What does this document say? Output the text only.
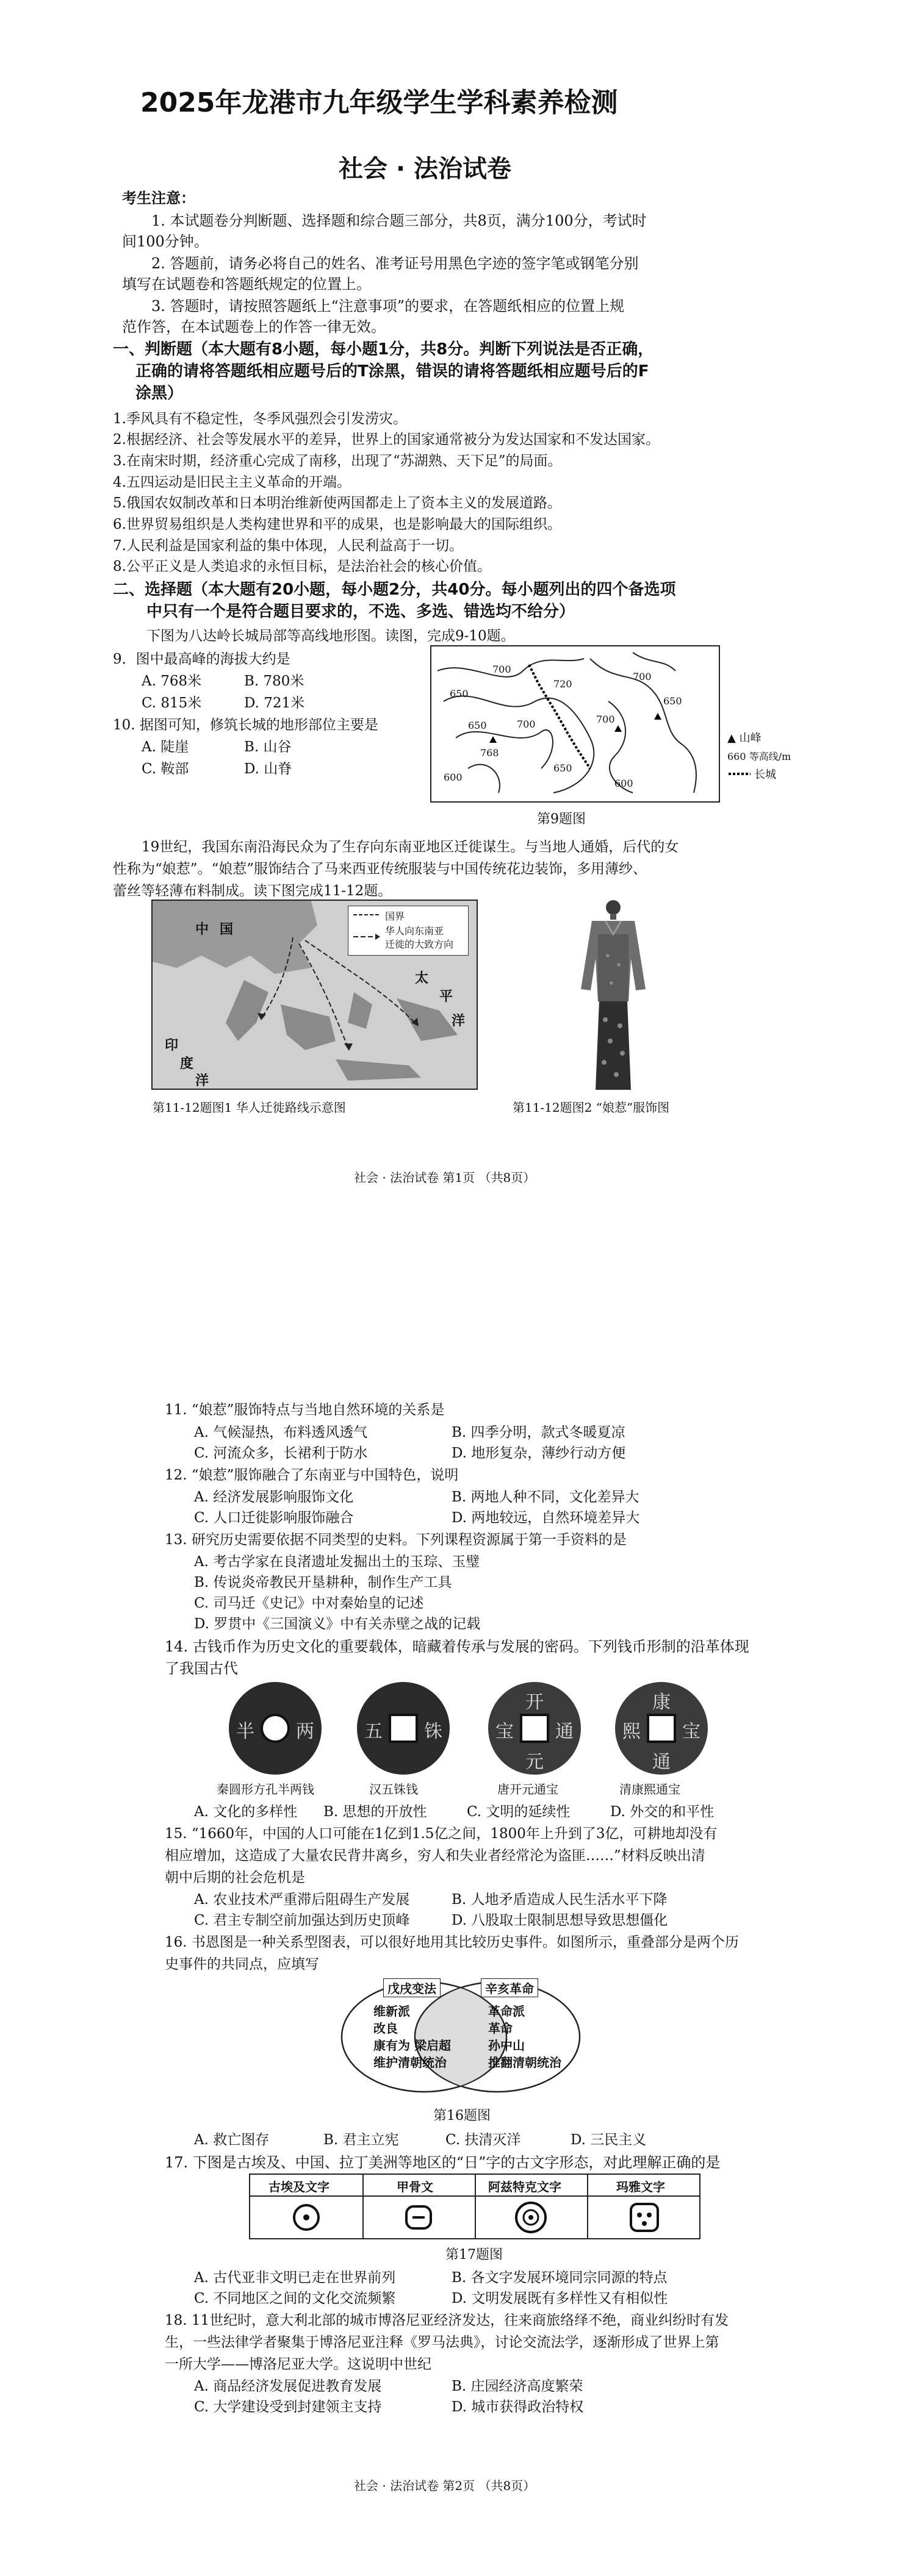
2025年龙港市九年级学生学科素养检测
社会 · 法治试卷
考生注意：
1. 本试题卷分判断题、选择题和综合题三部分，共8页，满分100分，考试时
间100分钟。
2. 答题前，请务必将自己的姓名、准考证号用黑色字迹的签字笔或钢笔分别
填写在试题卷和答题纸规定的位置上。
3. 答题时，请按照答题纸上“注意事项”的要求，在答题纸相应的位置上规
范作答，在本试题卷上的作答一律无效。
一、判断题（本大题有8小题，每小题1分，共8分。判断下列说法是否正确，
正确的请将答题纸相应题号后的T涂黑，错误的请将答题纸相应题号后的F
涂黑）
1.季风具有不稳定性，冬季风强烈会引发涝灾。
2.根据经济、社会等发展水平的差异，世界上的国家通常被分为发达国家和不发达国家。
3.在南宋时期，经济重心完成了南移，出现了“苏湖熟、天下足”的局面。
4.五四运动是旧民主主义革命的开端。
5.俄国农奴制改革和日本明治维新使两国都走上了资本主义的发展道路。
6.世界贸易组织是人类构建世界和平的成果，也是影响最大的国际组织。
7.人民利益是国家利益的集中体现，人民利益高于一切。
8.公平正义是人类追求的永恒目标，是法治社会的核心价值。
二、选择题（本大题有20小题，每小题2分，共40分。每小题列出的四个备选项
中只有一个是符合题目要求的，不选、多选、错选均不给分）
下图为八达岭长城局部等高线地形图。读图，完成9-10题。
9．图中最高峰的海拔大约是
A. 768米	B. 780米
C. 815米	D. 721米
10. 据图可知，修筑长城的地形部位主要是
A. 陡崖	B. 山谷
C. 鞍部	D. 山脊
700
650
720
700
650
700
650
600
600
700
650
768
▲ 山峰
660 等高线/m
长城
第9题图
19世纪，我国东南沿海民众为了生存向东南亚地区迁徙谋生。与当地人通婚，后代的女
性称为“娘惹”。“娘惹”服饰结合了马来西亚传统服装与中国传统花边装饰，多用薄纱、
蕾丝等轻薄布料制成。读下图完成11-12题。
国界
华人向东南亚
迁徙的大致方向
中 国
太
平
洋
印
度
洋
第11-12题图1 华人迁徙路线示意图	第11-12题图2 “娘惹”服饰图
社会 · 法治试卷 第1页 （共8页）
11. “娘惹”服饰特点与当地自然环境的关系是
A. 气候湿热，布料透风透气	B. 四季分明，款式冬暖夏凉
C. 河流众多，长裙利于防水	D. 地形复杂，薄纱行动方便
12. “娘惹”服饰融合了东南亚与中国特色，说明
A. 经济发展影响服饰文化	B. 两地人种不同，文化差异大
C. 人口迁徙影响服饰融合	D. 两地较远，自然环境差异大
13. 研究历史需要依据不同类型的史料。下列课程资源属于第一手资料的是
A. 考古学家在良渚遗址发掘出土的玉琮、玉璧
B. 传说炎帝教民开垦耕种，制作生产工具
C. 司马迁《史记》中对秦始皇的记述
D. 罗贯中《三国演义》中有关赤壁之战的记载
14. 古钱币作为历史文化的重要载体，暗藏着传承与发展的密码。下列钱币形制的沿革体现
了我国古代
半 两	五 铢
开
元
通
宝
康
熙
通
宝
秦圆形方孔半两钱	汉五铢钱	唐开元通宝	清康熙通宝
A. 文化的多样性 B. 思想的开放性	C. 文明的延续性	D. 外交的和平性
15. “1660年，中国的人口可能在1亿到1.5亿之间，1800年上升到了3亿，可耕地却没有
相应增加，这造成了大量农民背井离乡，穷人和失业者经常沦为盗匪……”材料反映出清
朝中后期的社会危机是
A. 农业技术严重滞后阻碍生产发展	B. 人地矛盾造成人民生活水平下降
C. 君主专制空前加强达到历史顶峰	D. 八股取士限制思想导致思想僵化
16. 书恩图是一种关系型图表，可以很好地用其比较历史事件。如图所示，重叠部分是两个历
史事件的共同点，应填写
戊戌变法	辛亥革命
维新派
改良
康有为 梁启超
维护清朝统治
革命派
革命
孙中山
推翻清朝统治
第16题图
A. 救亡图存	B. 君主立宪	C. 扶清灭洋	D. 三民主义
17. 下图是古埃及、中国、拉丁美洲等地区的“日”字的古文字形态，对此理解正确的是
古埃及文字	甲骨文	阿兹特克文字	玛雅文字
第17题图
A. 古代亚非文明已走在世界前列	B. 各文字发展环境同宗同源的特点
C. 不同地区之间的文化交流频繁	D. 文明发展既有多样性又有相似性
18. 11世纪时，意大利北部的城市博洛尼亚经济发达，往来商旅络绎不绝，商业纠纷时有发
生，一些法律学者聚集于博洛尼亚注释《罗马法典》，讨论交流法学，逐渐形成了世界上第
一所大学——博洛尼亚大学。这说明中世纪
A. 商品经济发展促进教育发展	B. 庄园经济高度繁荣
C. 大学建设受到封建领主支持	D. 城市获得政治特权
社会 · 法治试卷 第2页 （共8页）
